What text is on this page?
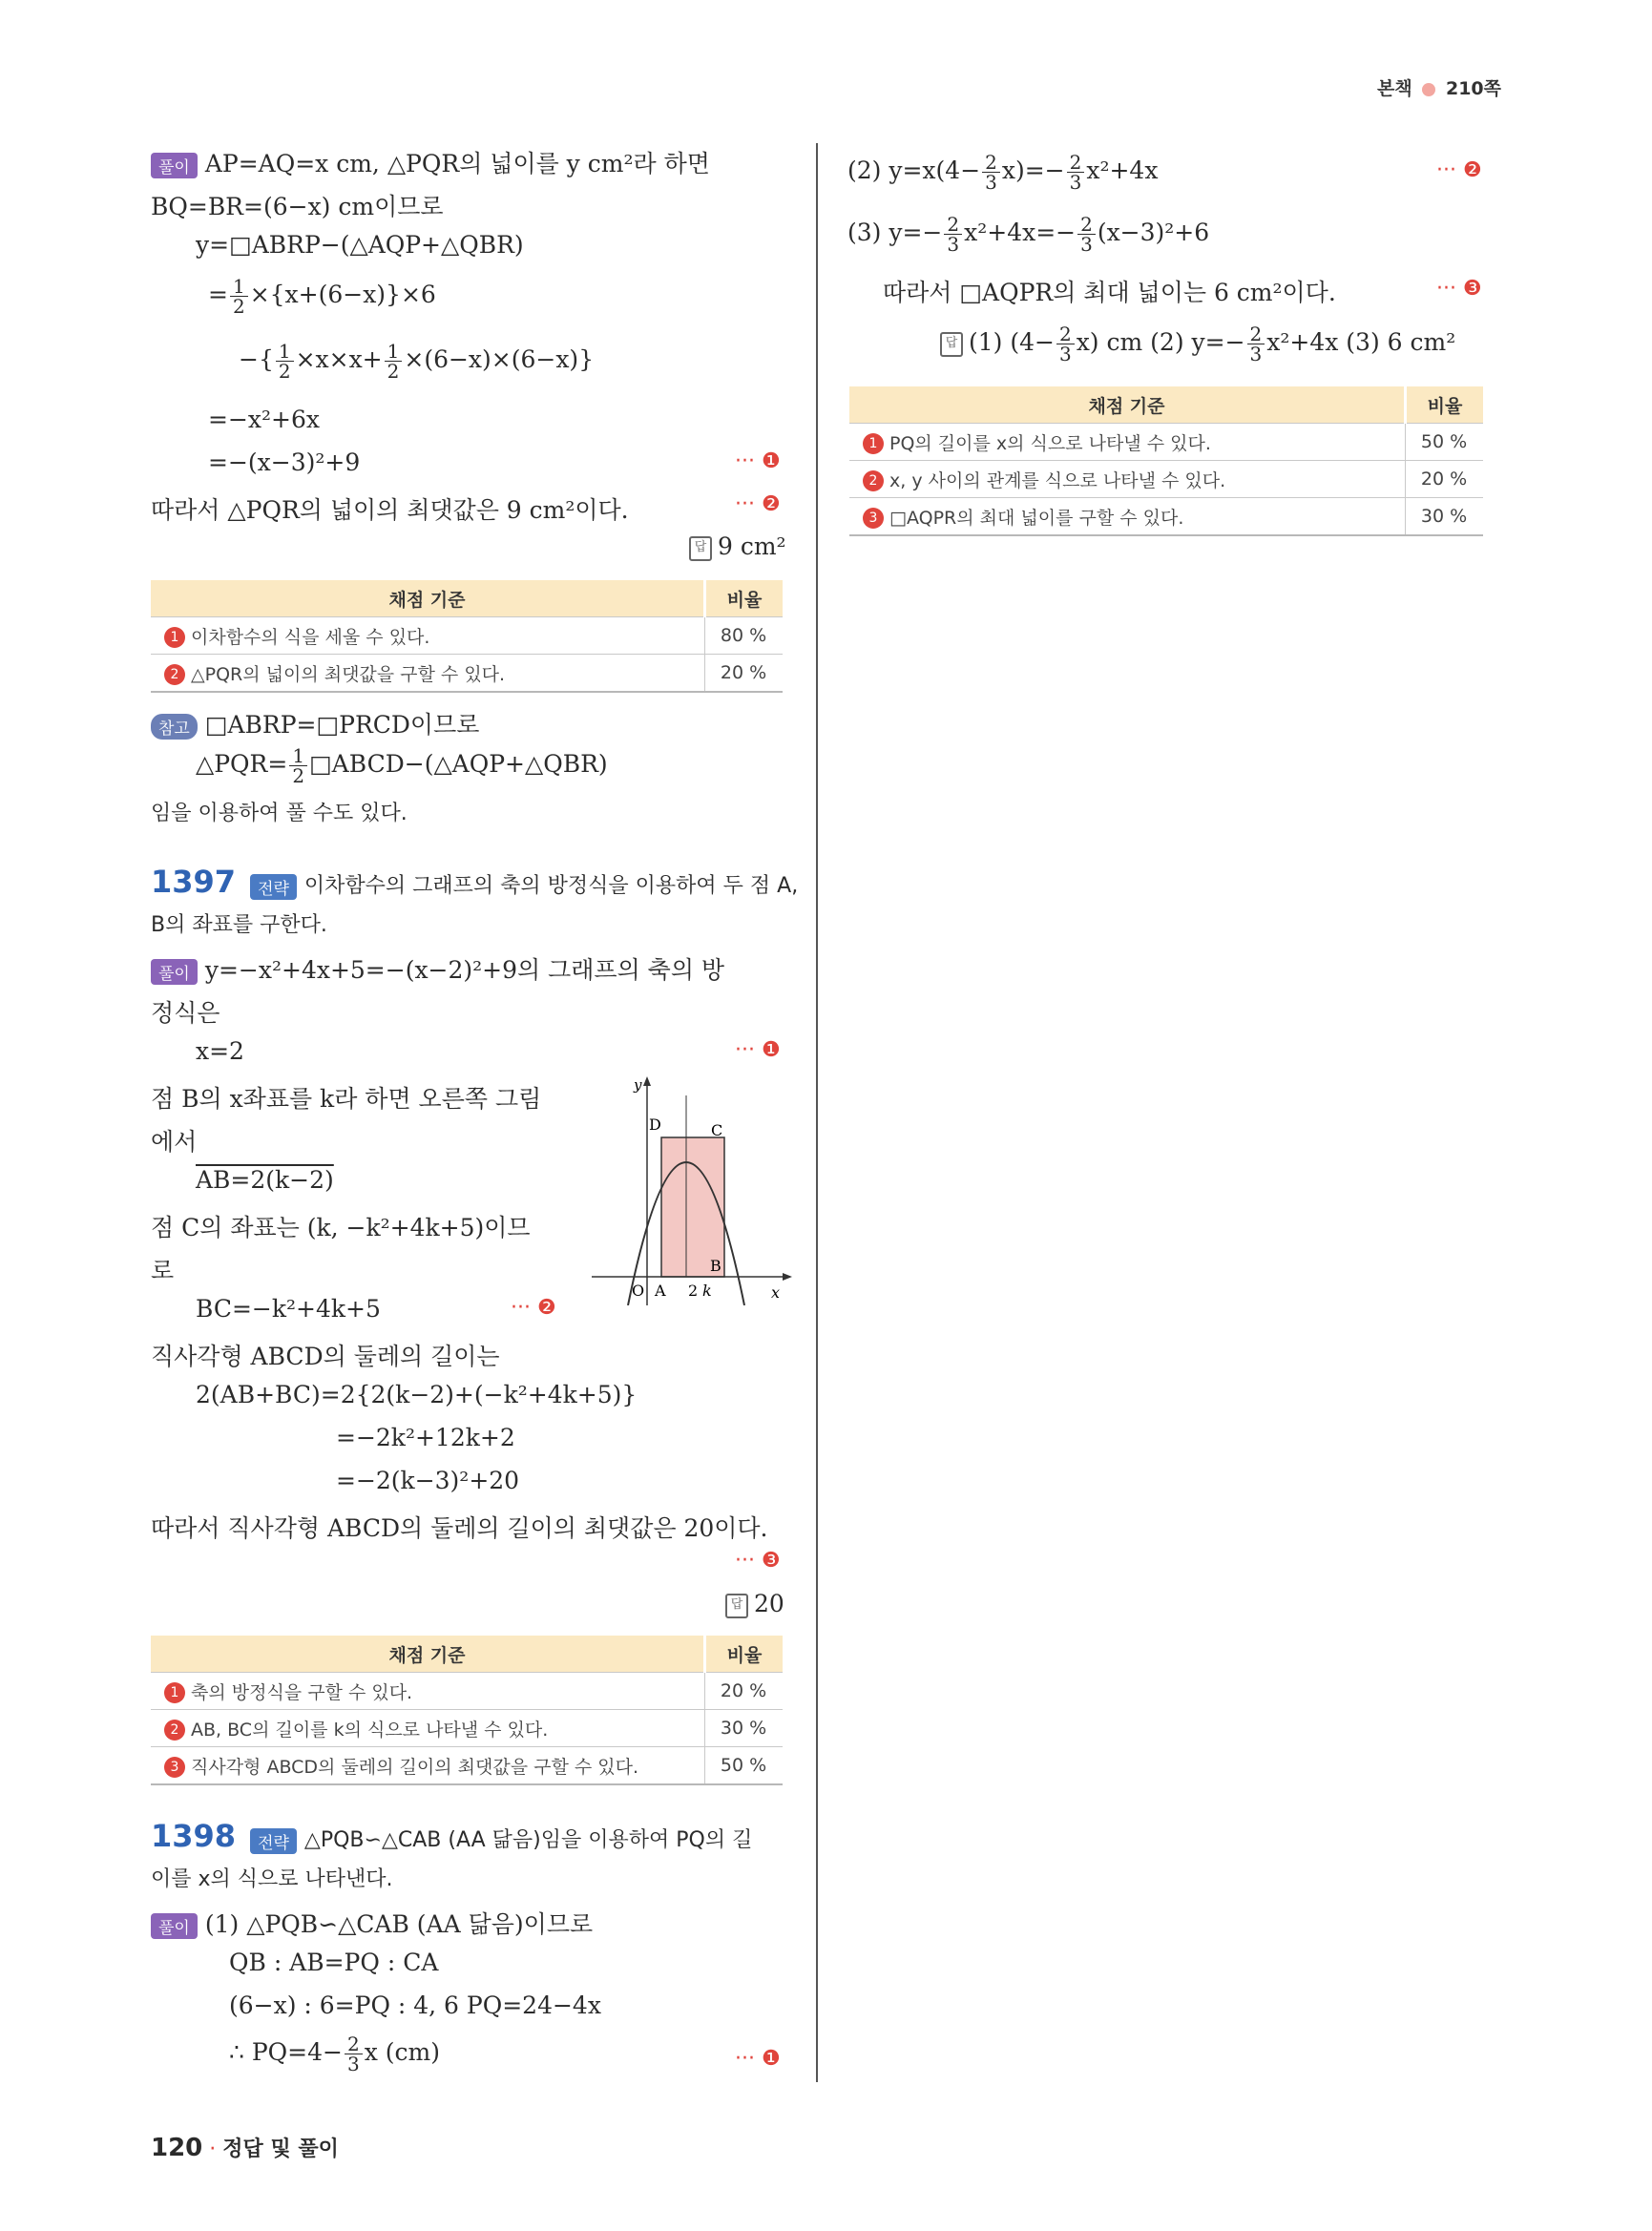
본책 210쪽
풀이 AP=AQ=x cm, △PQR의 넓이를 y cm²라 하면
BQ=BR=(6−x) cm이므로
y=□ABRP−(△AQP+△QBR)
= $\frac{1}{2} \times\{x+(6-x)\}\times 6$
−{ $\frac{1}{2} \times x\times x+ \frac{1}{2} \times(6-x)\times(6-x)$}
=−x²+6x
=−(x−3)²+9	··· ❶
따라서 △PQR의 넓이의 최댓값은 9 cm²이다.	··· ❷
답 9 cm²
채점 기준	비율
1 이차함수의 식을 세울 수 있다.	80 %
2 △PQR의 넓이의 최댓값을 구할 수 있다.	20 %
참고 □ABRP=□PRCD이므로
△PQR= $\frac{1}{2}$ □ABCD−(△AQP+△QBR)
임을 이용하여 풀 수도 있다.
1397 전략 이차함수의 그래프의 축의 방정식을 이용하여 두 점 A,
B의 좌표를 구한다.
풀이 y=−x²+4x+5=−(x−2)²+9의 그래프의 축의 방
정식은
x=2	··· ❶
점 B의 x좌표를 k라 하면 오른쪽 그림
에서
AB=2(k−2)
점 C의 좌표는 (k, −k²+4k+5)이므
로
BC=−k²+4k+5	··· ❷
y
x
O A 2 k
B
C
D
직사각형 ABCD의 둘레의 길이는
2(AB+BC)=2{2(k−2)+(−k²+4k+5)}
=−2k²+12k+2
=−2(k−3)²+20
따라서 직사각형 ABCD의 둘레의 길이의 최댓값은 20이다.
··· ❸
답 20
채점 기준	비율
1 축의 방정식을 구할 수 있다.	20 %
2 AB, BC의 길이를 k의 식으로 나타낼 수 있다.	30 %
3 직사각형 ABCD의 둘레의 길이의 최댓값을 구할 수 있다.	50 %
1398 전략 △PQB∽△CAB (AA 닮음)임을 이용하여 PQ의 길
이를 x의 식으로 나타낸다.
풀이 (1) △PQB∽△CAB (AA 닮음)이므로
QB : AB=PQ : CA
(6−x) : 6=PQ : 4, 6 PQ=24−4x
∴ $PQ=4- \frac{2}{3}$ x (cm)	··· ❶
(2) $y=x(4- \frac{2}{3} x)=- \frac{2}{3} x^2+4x$	··· ❷
(3) $y=- \frac{2}{3} x^2+4x=- \frac{2}{3} (x-3)^2+6$
따라서 □AQPR의 최대 넓이는 6 cm²이다.	··· ❸
답 (1) $(4- \frac{2}{3} x)$ cm (2) $y=- \frac{2}{3} x^2+4x$ (3) 6 cm²
채점 기준	비율
1 PQ의 길이를 x의 식으로 나타낼 수 있다.	50 %
2 x, y 사이의 관계를 식으로 나타낼 수 있다.	20 %
3 □AQPR의 최대 넓이를 구할 수 있다.	30 %
120 · 정답 및 풀이
